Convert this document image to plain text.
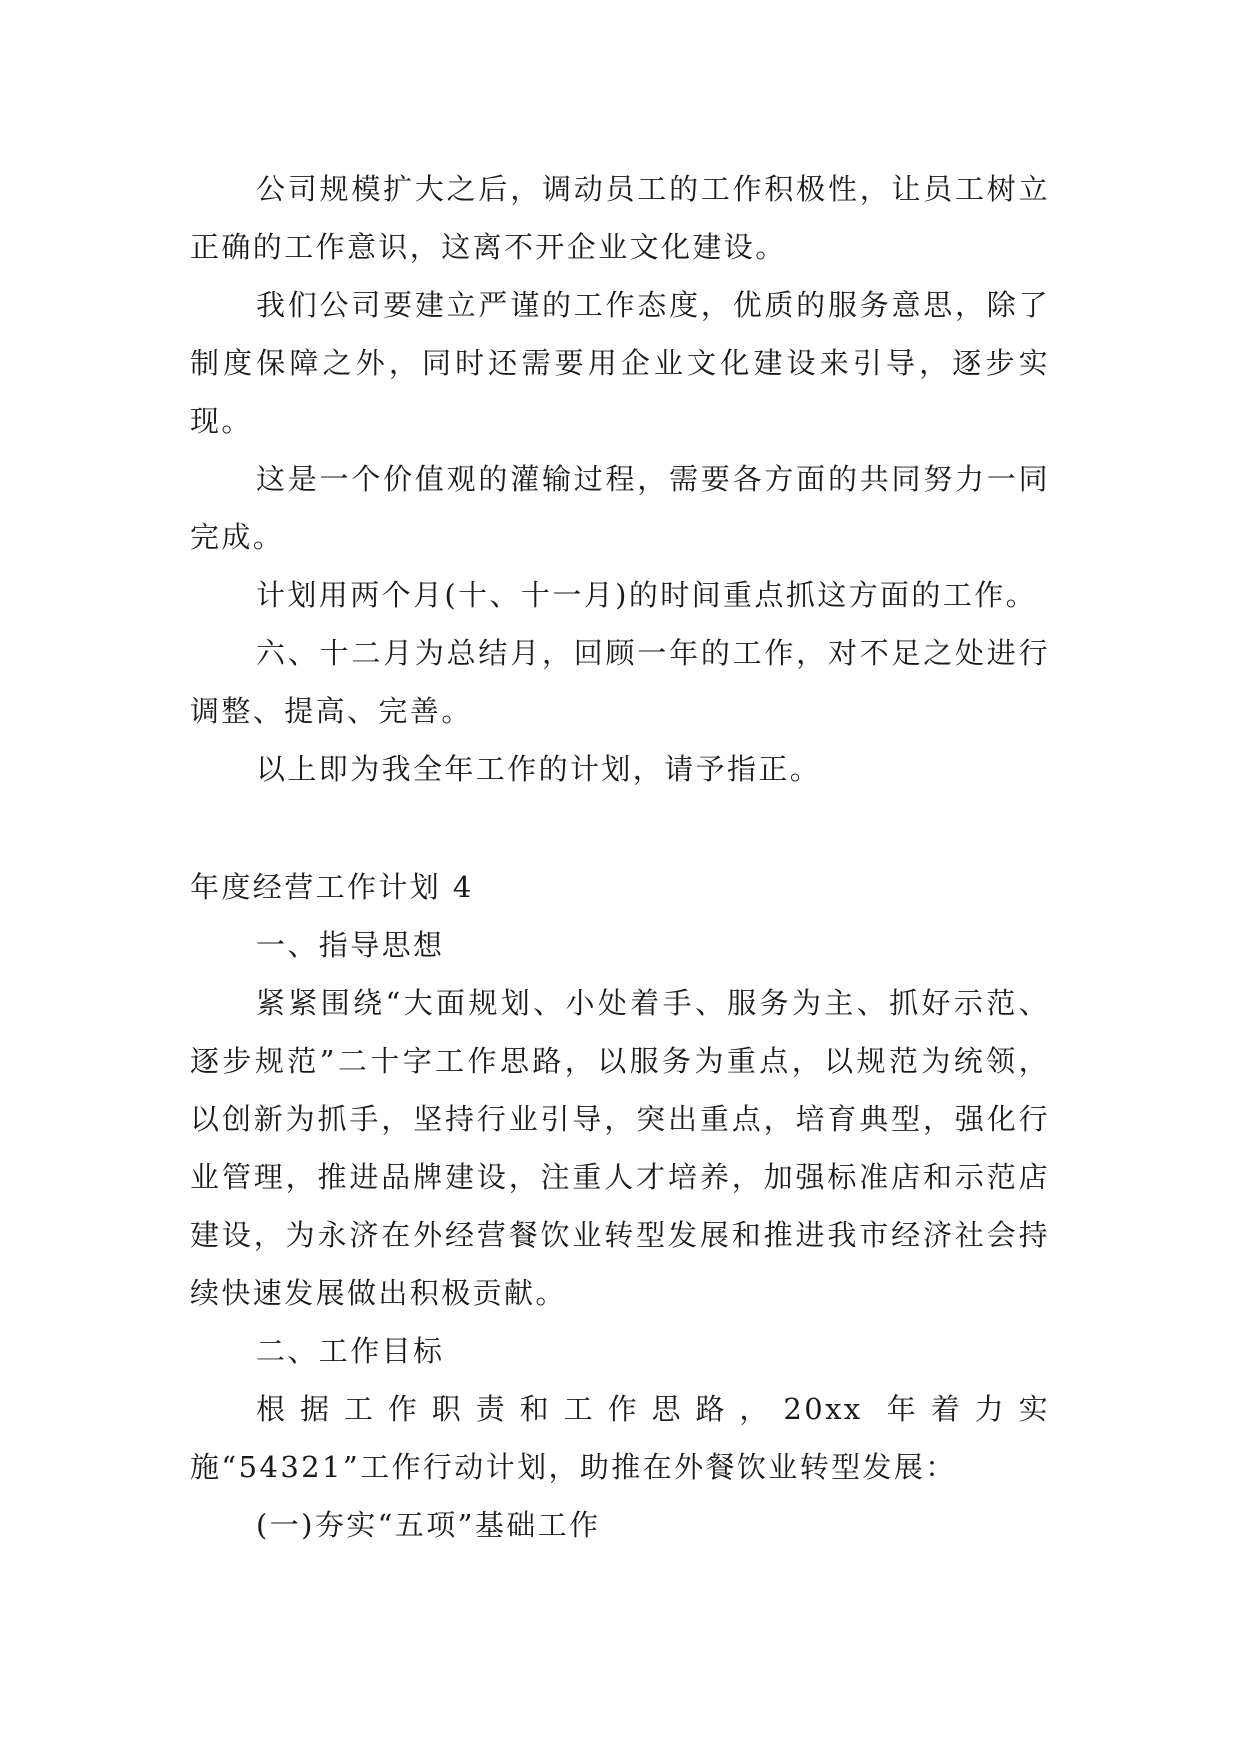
公司规模扩大之后，调动员工的工作积极性，让员工树立正确的工作意识，这离不开企业文化建设。

我们公司要建立严谨的工作态度，优质的服务意思，除了制度保障之外，同时还需要用企业文化建设来引导，逐步实现。

这是一个价值观的灌输过程，需要各方面的共同努力一同完成。

计划用两个月(十、十一月)的时间重点抓这方面的工作。

六、十二月为总结月，回顾一年的工作，对不足之处进行调整、提高、完善。

以上即为我全年工作的计划，请予指正。

年度经营工作计划 4

一、指导思想

紧紧围绕“大面规划、小处着手、服务为主、抓好示范、逐步规范”二十字工作思路，以服务为重点，以规范为统领，以创新为抓手，坚持行业引导，突出重点，培育典型，强化行业管理，推进品牌建设，注重人才培养，加强标准店和示范店建设，为永济在外经营餐饮业转型发展和推进我市经济社会持续快速发展做出积极贡献。

二、工作目标

根据工作职责和工作思路，20xx 年着力实施“54321”工作行动计划，助推在外餐饮业转型发展：

(一)夯实“五项”基础工作
